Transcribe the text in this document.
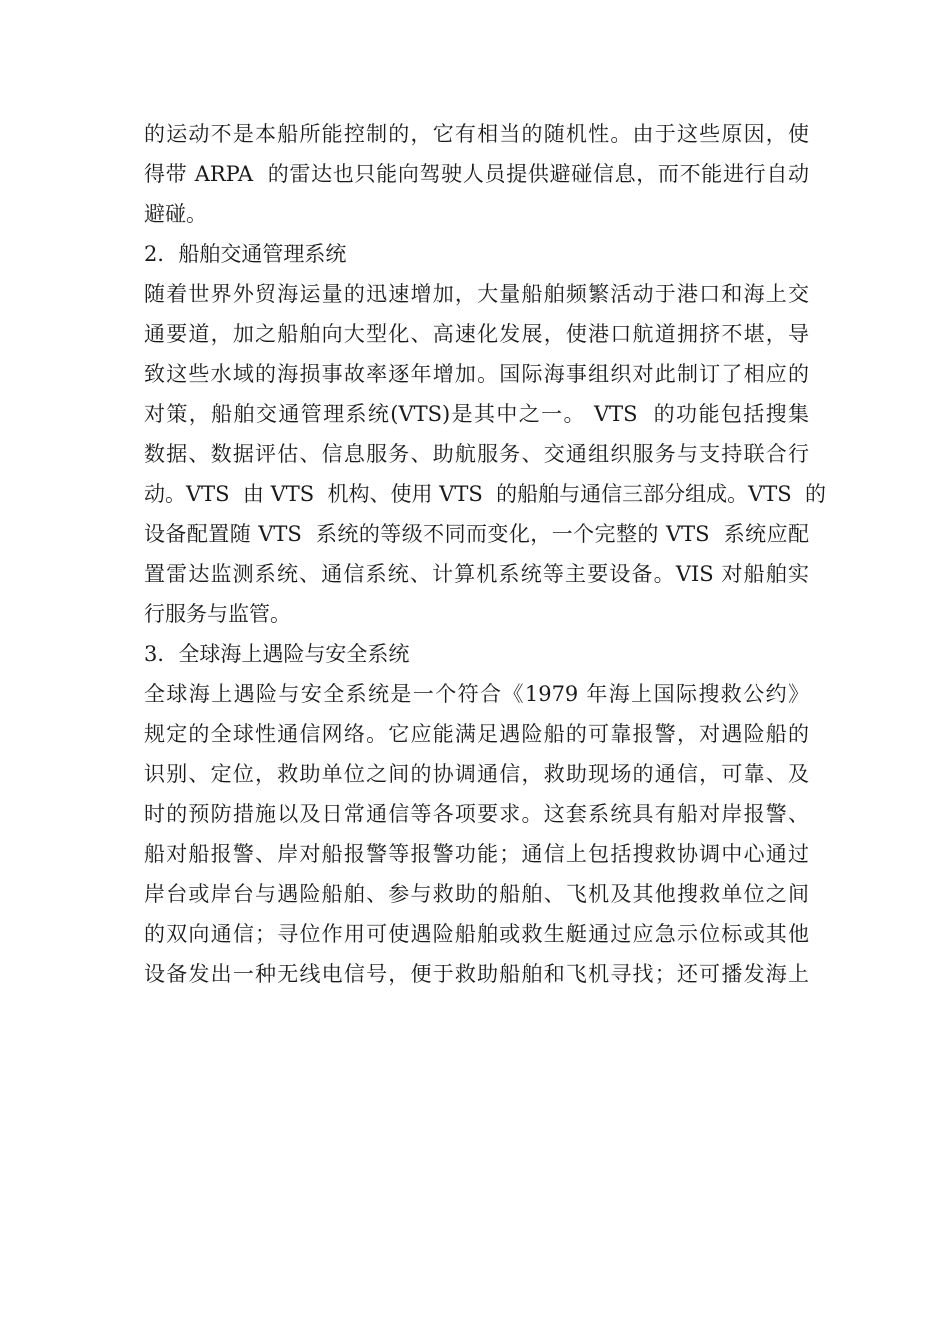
的运动不是本船所能控制的，它有相当的随机性。由于这些原因，使
得带 ARPA  的雷达也只能向驾驶人员提供避碰信息，而不能进行自动
避碰。
2．船舶交通管理系统
随着世界外贸海运量的迅速增加，大量船舶频繁活动于港口和海上交
通要道，加之船舶向大型化、高速化发展，使港口航道拥挤不堪，导
致这些水域的海损事故率逐年增加。国际海事组织对此制订了相应的
对策，船舶交通管理系统(VTS)是其中之一。 VTS  的功能包括搜集
数据、数据评估、信息服务、助航服务、交通组织服务与支持联合行
动。VTS  由 VTS  机构、使用 VTS  的船舶与通信三部分组成。VTS  的
设备配置随 VTS  系统的等级不同而变化，一个完整的 VTS  系统应配
置雷达监测系统、通信系统、计算机系统等主要设备。VIS 对船舶实
行服务与监管。
3．全球海上遇险与安全系统
全球海上遇险与安全系统是一个符合《1979 年海上国际搜救公约》
规定的全球性通信网络。它应能满足遇险船的可靠报警，对遇险船的
识别、定位，救助单位之间的协调通信，救助现场的通信，可靠、及
时的预防措施以及日常通信等各项要求。这套系统具有船对岸报警、
船对船报警、岸对船报警等报警功能；通信上包括搜救协调中心通过
岸台或岸台与遇险船舶、参与救助的船舶、飞机及其他搜救单位之间
的双向通信；寻位作用可使遇险船舶或救生艇通过应急示位标或其他
设备发出一种无线电信号，便于救助船舶和飞机寻找；还可播发海上
